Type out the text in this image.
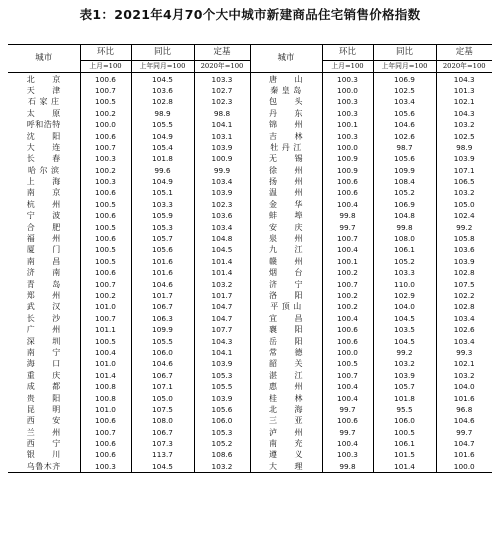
表1：2021年4月70个大中城市新建商品住宅销售价格指数
城市	环比	同比	定基	城市	环比	同比	定基
	上月=100	上年同月=100	2020年=100		上月=100	上年同月=100	2020年=100
北　　京	100.6	104.5	103.3	唐　　山	100.3	106.9	104.3
天　　津	100.7	103.6	102.7	秦 皇 岛	100.0	102.5	101.3
石 家 庄	100.5	102.8	102.3	包　　头	100.3	103.4	102.1
太　　原	100.2	98.9	98.8	丹　　东	100.3	105.6	104.3
呼和浩特	100.0	105.5	104.1	锦　　州	100.1	104.6	103.2
沈　　阳	100.6	104.9	103.1	吉　　林	100.3	102.6	102.5
大　　连	100.7	105.4	103.9	牡 丹 江	100.0	98.7	98.9
长　　春	100.3	101.8	100.9	无　　锡	100.9	105.6	103.9
哈 尔 滨	100.2	99.6	99.9	徐　　州	100.9	109.9	107.1
上　　海	100.3	104.9	103.4	扬　　州	100.6	108.4	106.5
南　　京	100.6	105.1	103.9	温　　州	100.6	105.2	103.2
杭　　州	100.5	103.3	102.3	金　　华	100.4	106.9	105.0
宁　　波	100.6	105.9	103.6	蚌　　埠	99.8	104.8	102.4
合　　肥	100.5	105.3	103.4	安　　庆	99.7	99.8	99.2
福　　州	100.6	105.7	104.8	泉　　州	100.7	108.0	105.8
厦　　门	100.5	105.6	104.5	九　　江	100.4	106.1	103.6
南　　昌	100.5	101.6	101.4	赣　　州	100.1	105.2	103.9
济　　南	100.6	101.6	101.4	烟　　台	100.2	103.3	102.8
青　　岛	100.7	104.6	103.2	济　　宁	100.7	110.0	107.5
郑　　州	100.2	101.7	101.7	洛　　阳	100.2	102.9	102.2
武　　汉	101.0	106.7	104.7	平 顶 山	100.2	104.0	102.8
长　　沙	100.7	106.3	104.7	宜　　昌	100.4	104.5	103.4
广　　州	101.1	109.9	107.7	襄　　阳	100.6	103.5	102.6
深　　圳	100.5	105.5	104.3	岳　　阳	100.6	104.5	103.4
南　　宁	100.4	106.0	104.1	常　　德	100.0	99.2	99.3
海　　口	101.0	104.6	103.9	韶　　关	100.5	103.2	102.1
重　　庆	101.4	106.7	105.3	湛　　江	100.7	103.9	103.2
成　　都	100.8	107.1	105.5	惠　　州	100.4	105.7	104.0
贵　　阳	100.8	105.0	103.9	桂　　林	100.4	101.8	101.6
昆　　明	101.0	107.5	105.6	北　　海	99.7	95.5	96.8
西　　安	100.6	108.0	106.0	三　　亚	100.6	106.0	104.6
兰　　州	100.7	106.7	105.3	泸　　州	99.7	100.5	99.7
西　　宁	100.6	107.3	105.2	南　　充	100.4	106.1	104.7
银　　川	100.6	113.7	108.6	遵　　义	100.3	101.5	101.6
乌鲁木齐	100.3	104.5	103.2	大　　理	99.8	101.4	100.0
